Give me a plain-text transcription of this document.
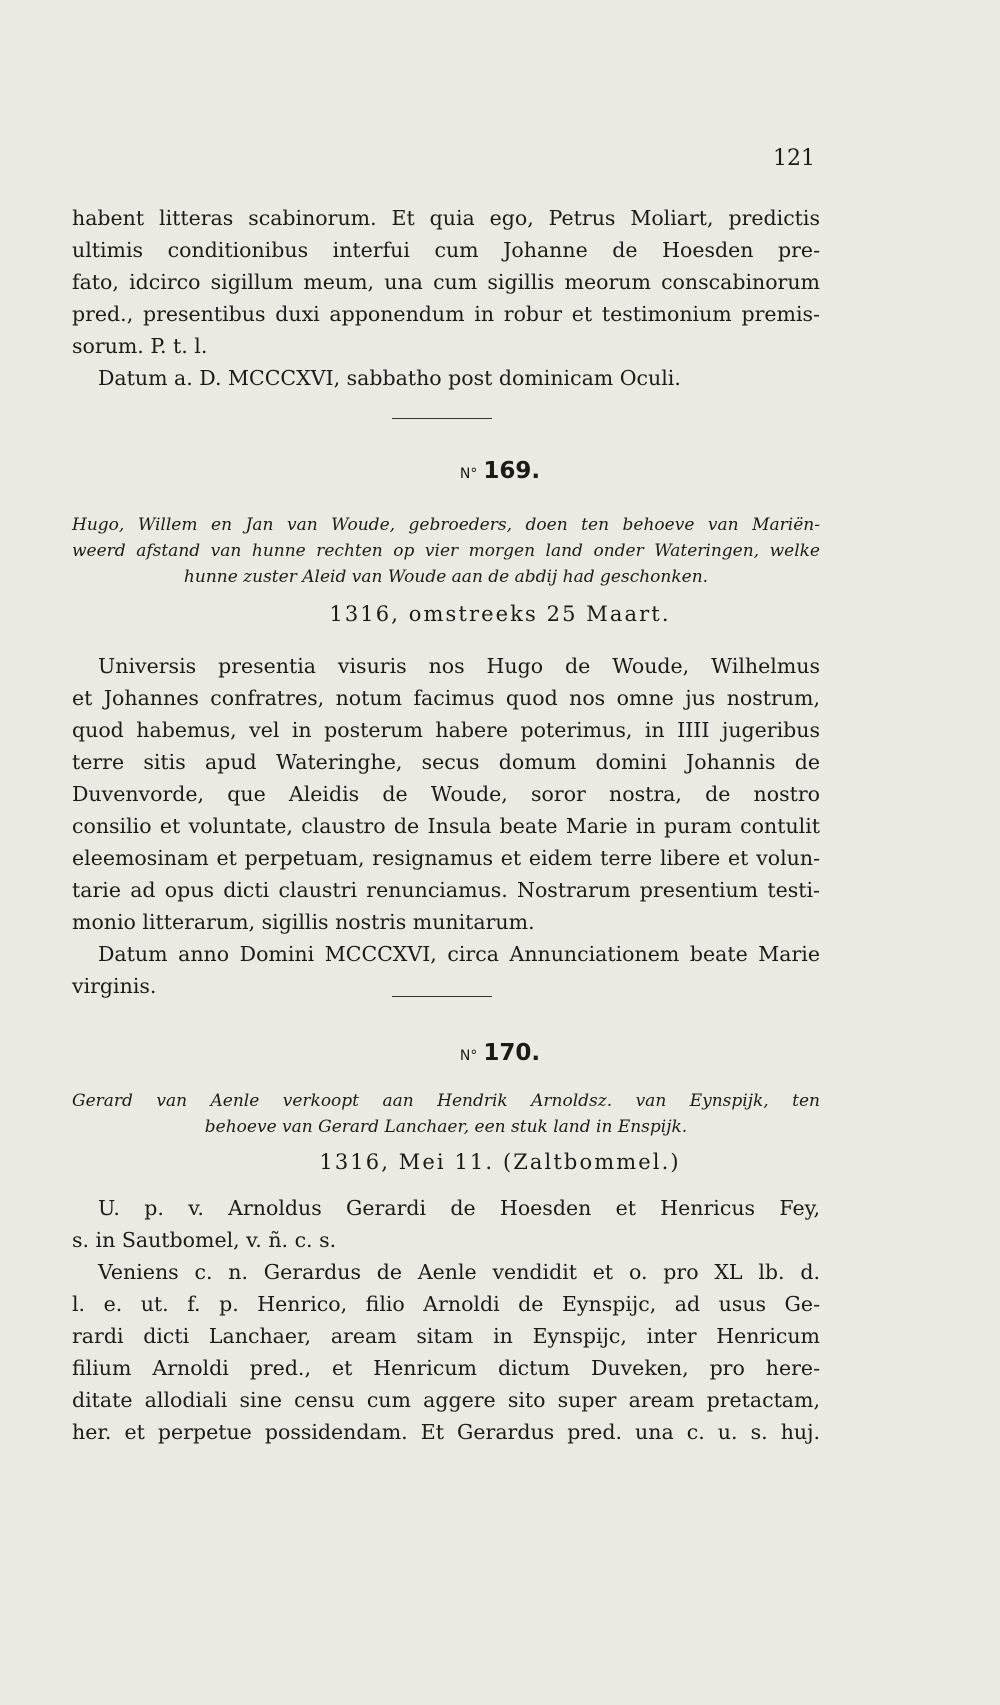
121
habent litteras scabinorum. Et quia ego, Petrus Moliart, predictis
ultimis conditionibus interfui cum Johanne de Hoesden pre-
fato, idcirco sigillum meum, una cum sigillis meorum conscabinorum
pred., presentibus duxi apponendum in robur et testimonium premis-
sorum. P. t. l.
Datum a. D. MCCCXVI, sabbatho post dominicam Oculi.
N° 169.
Hugo, Willem en Jan van Woude, gebroeders, doen ten behoeve van Mariën-
weerd afstand van hunne rechten op vier morgen land onder Wateringen, welke
hunne zuster Aleid van Woude aan de abdij had geschonken.
1316, omstreeks 25 Maart.
Universis presentia visuris nos Hugo de Woude, Wilhelmus
et Johannes confratres, notum facimus quod nos omne jus nostrum,
quod habemus, vel in posterum habere poterimus, in IIII jugeribus
terre sitis apud Wateringhe, secus domum domini Johannis de
Duvenvorde, que Aleidis de Woude, soror nostra, de nostro
consilio et voluntate, claustro de Insula beate Marie in puram contulit
eleemosinam et perpetuam, resignamus et eidem terre libere et volun-
tarie ad opus dicti claustri renunciamus. Nostrarum presentium testi-
monio litterarum, sigillis nostris munitarum.
Datum anno Domini MCCCXVI, circa Annunciationem beate Marie
virginis.
N° 170.
Gerard van Aenle verkoopt aan Hendrik Arnoldsz. van Eynspijk, ten
behoeve van Gerard Lanchaer, een stuk land in Enspijk.
1316, Mei 11. (Zaltbommel.)
U. p. v. Arnoldus Gerardi de Hoesden et Henricus Fey,
s. in Sautbomel, v. ñ. c. s.
Veniens c. n. Gerardus de Aenle vendidit et o. pro XL lb. d.
l. e. ut. f. p. Henrico, filio Arnoldi de Eynspijc, ad usus Ge-
rardi dicti Lanchaer, aream sitam in Eynspijc, inter Henricum
filium Arnoldi pred., et Henricum dictum Duveken, pro here-
ditate allodiali sine censu cum aggere sito super aream pretactam,
her. et perpetue possidendam. Et Gerardus pred. una c. u. s. huj.
